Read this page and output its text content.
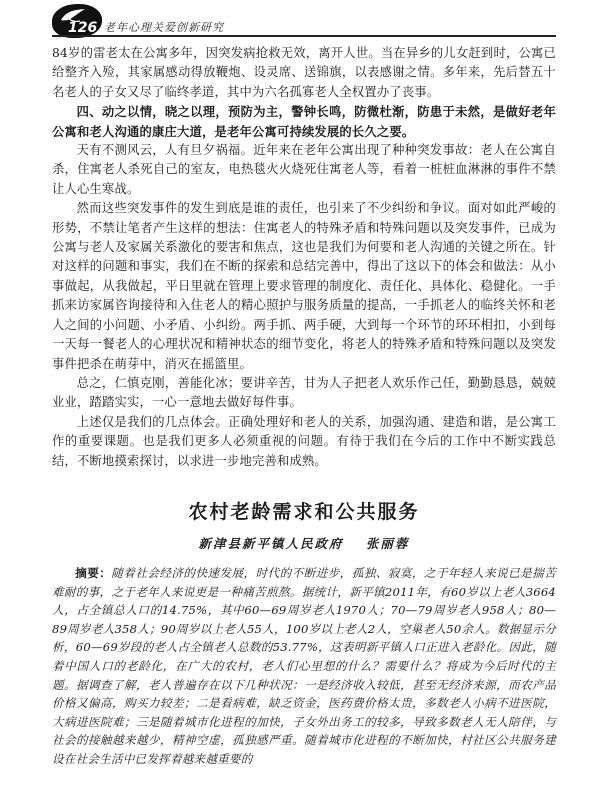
126 老年心理关爱创新研究

84岁的雷老太在公寓多年，因突发病抢救无效，离开人世。当在异乡的儿女赶到时，公寓已给整齐入殓，其家属感动得放鞭炮、设灵席、送锦旗，以表感谢之情。多年来，先后替五十名老人的子女又尽了临终孝道，其中为六名孤寡老人全权置办了丧事。

四、动之以情，晓之以理，预防为主，警钟长鸣，防微杜渐，防患于未然，是做好老年公寓和老人沟通的康庄大道，是老年公寓可持续发展的长久之要。

天有不测风云，人有旦夕祸福。近年来在老年公寓出现了种种突发事故：老人在公寓自杀，住寓老人杀死自己的室友，电热毯火火烧死住寓老人等，看着一桩桩血淋淋的事件不禁让人心生寒战。

然而这些突发事件的发生到底是谁的责任，也引来了不少纠纷和争议。面对如此严峻的形势，不禁让笔者产生这样的想法：住寓老人的特殊矛盾和特殊问题以及突发事件，已成为公寓与老人及家属关系激化的要害和焦点，这也是我们为何要和老人沟通的关键之所在。针对这样的问题和事实，我们在不断的探索和总结完善中，得出了这以下的体会和做法：从小事做起，从我做起，平日里就在管理上要求管理的制度化、责任化、具体化、稳健化。一手抓来访家属咨询接待和入住老人的精心照护与服务质量的提高，一手抓老人的临终关怀和老人之间的小问题、小矛盾、小纠纷。两手抓、两手硬，大到每一个环节的环环相扣，小到每一天每一餐老人的心理状况和精神状态的细节变化，将老人的特殊矛盾和特殊问题以及突发事件把杀在萌芽中，消灭在摇篮里。

总之，仁慎克刚，善能化冰；要讲辛苦，甘为人子把老人欢乐作己任，勤勤恳恳，兢兢业业，踏踏实实，一心一意地去做好每件事。

上述仅是我们的几点体会。正确处理好和老人的关系，加强沟通、建造和谐，是公寓工作的重要课题。也是我们更多人必须重视的问题。有待于我们在今后的工作中不断实践总结，不断地摸索探讨，以求进一步地完善和成熟。

农村老龄需求和公共服务
新津县新平镇人民政府 张丽蓉

摘要：随着社会经济的快速发展，时代的不断进步，孤独、寂寞，之于年轻人来说已是揣苦难耐的事，之于老年人来说更是一种痛苦煎熬。据统计，新平镇2011年，有60岁以上老人3664人，占全镇总人口的14.75%，其中60—69周岁老人1970人；70—79周岁老人958人；80—89周岁老人358人；90周岁以上老人55人，100岁以上老人2人，空巢老人50余人。数据显示分析，60—69岁段的老人占全镇老人总数的53.77%，这表明新平镇人口正进入老龄化。因此，随着中国人口的老龄化，在广大的农村，老人们心里想的什么？需要什么？将成为今后时代的主题。据调查了解，老人普遍存在以下几种状况：一是经济收入较低，甚至无经济来源，而农产品价格又偏高，购买力较差；二是看病难，缺乏资金，医药费价格太贵，多数老人小病不进医院，大病进医院难；三是随着城市化进程的加快，子女外出务工的较多，导致多数老人无人陪伴，与社会的接触越来越少，精神空虚，孤独感严重。随着城市化进程的不断加快，村社区公共服务建设在社会生活中已发挥着越来越重要的
